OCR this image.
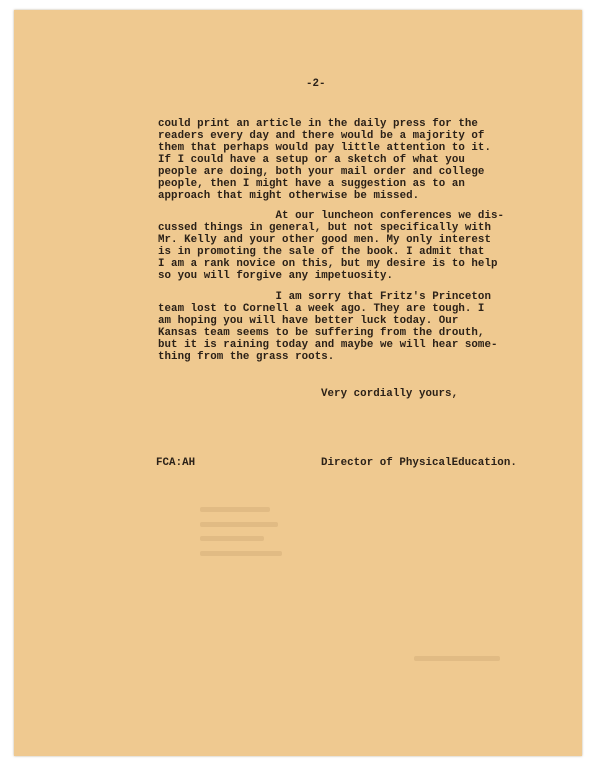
-2-
could print an article in the daily press for the
readers every day and there would be a majority of
them that perhaps would pay little attention to it.
If I could have a setup or a sketch of what you
people are doing, both your mail order and college
people, then I might have a suggestion as to an
approach that might otherwise be missed.
At our luncheon conferences we dis-
cussed things in general, but not specifically with
Mr. Kelly and your other good men. My only interest
is in promoting the sale of the book. I admit that
I am a rank novice on this, but my desire is to help
so you will forgive any impetuosity.
I am sorry that Fritz's Princeton
team lost to Cornell a week ago. They are tough. I
am hoping you will have better luck today. Our
Kansas team seems to be suffering from the drouth,
but it is raining today and maybe we will hear some-
thing from the grass roots.
Very cordially yours,
FCA:AH	Director of PhysicalEducation.
